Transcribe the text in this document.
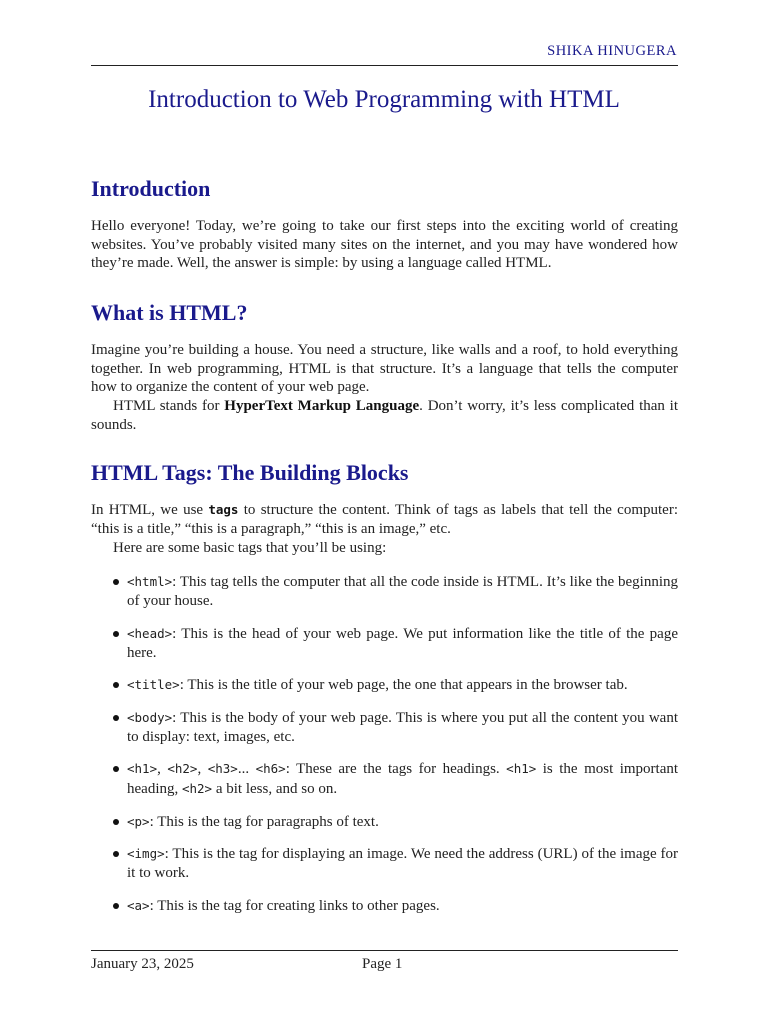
SHIKA HINUGERA
Introduction to Web Programming with HTML
Introduction

Hello everyone! Today, we’re going to take our first steps into the exciting world of creating websites. You’ve probably visited many sites on the internet, and you may have wondered how they’re made. Well, the answer is simple: by using a language called HTML.

What is HTML?

Imagine you’re building a house. You need a structure, like walls and a roof, to hold everything together. In web programming, HTML is that structure. It’s a language that tells the computer how to organize the content of your web page.

HTML stands for HyperText Markup Language. Don’t worry, it’s less complicated than it sounds.

HTML Tags: The Building Blocks

In HTML, we use tags to structure the content. Think of tags as labels that tell the computer: “this is a title,” “this is a paragraph,” “this is an image,” etc.

Here are some basic tags that you’ll be using:

<html>: This tag tells the computer that all the code inside is HTML. It’s like the beginning of your house.
<head>: This is the head of your web page. We put information like the title of the page here.
<title>: This is the title of your web page, the one that appears in the browser tab.
<body>: This is the body of your web page. This is where you put all the content you want to display: text, images, etc.
<h1>, <h2>, <h3>... <h6>: These are the tags for headings. <h1> is the most important heading, <h2> a bit less, and so on.
<p>: This is the tag for paragraphs of text.
<img>: This is the tag for displaying an image. We need the address (URL) of the image for it to work.
<a>: This is the tag for creating links to other pages.
January 23, 2025	Page 1
